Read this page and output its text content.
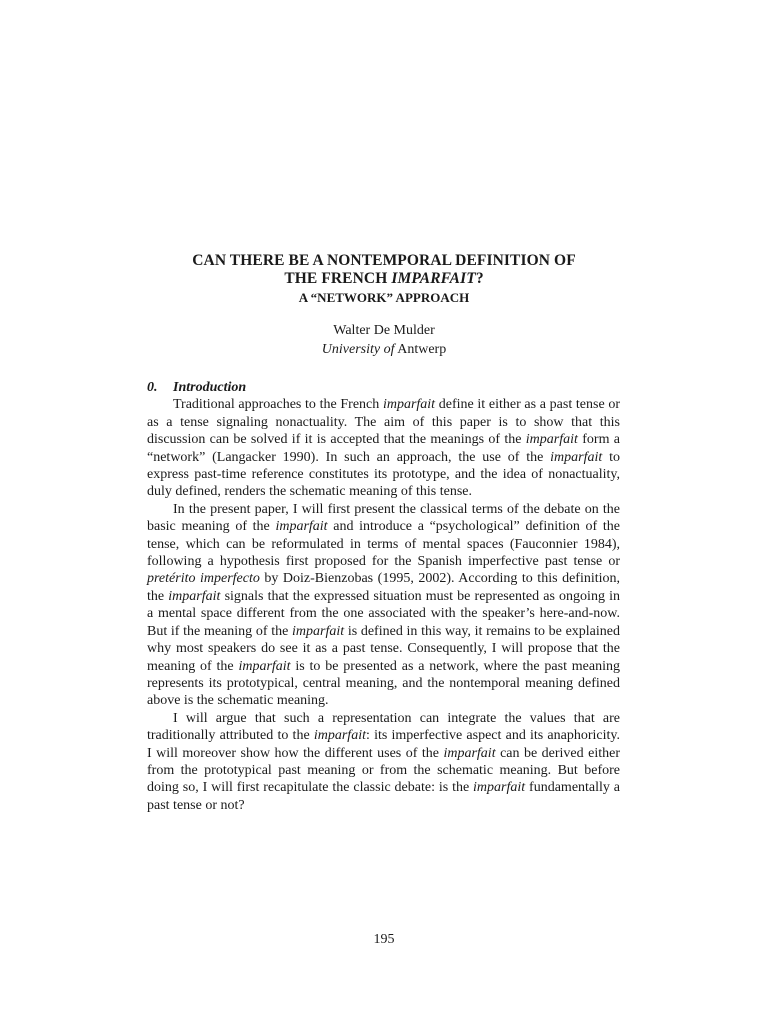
CAN THERE BE A NONTEMPORAL DEFINITION OF
THE FRENCH IMPARFAIT?
A “NETWORK” APPROACH
Walter De Mulder
University of Antwerp
0. Introduction

Traditional approaches to the French imparfait define it either as a past tense or as a tense signaling nonactuality. The aim of this paper is to show that this discussion can be solved if it is accepted that the meanings of the imparfait form a “network” (Langacker 1990). In such an approach, the use of the imparfait to express past-time reference constitutes its prototype, and the idea of nonactuality, duly defined, renders the schematic meaning of this tense.

In the present paper, I will first present the classical terms of the debate on the basic meaning of the imparfait and introduce a “psychological” definition of the tense, which can be reformulated in terms of mental spaces (Fauconnier 1984), following a hypothesis first proposed for the Spanish imperfective past tense or pretérito imperfecto by Doiz-Bienzobas (1995, 2002). According to this definition, the imparfait signals that the expressed situation must be represented as ongoing in a mental space different from the one associated with the speaker’s here-and-now. But if the meaning of the imparfait is defined in this way, it remains to be explained why most speakers do see it as a past tense. Consequently, I will propose that the meaning of the imparfait is to be presented as a network, where the past meaning represents its prototypical, central meaning, and the nontemporal meaning defined above is the schematic meaning.

I will argue that such a representation can integrate the values that are traditionally attributed to the imparfait: its imperfective aspect and its anaphoricity. I will moreover show how the different uses of the imparfait can be derived either from the prototypical past meaning or from the schematic meaning. But before doing so, I will first recapitulate the classic debate: is the imparfait fundamentally a past tense or not?

195
